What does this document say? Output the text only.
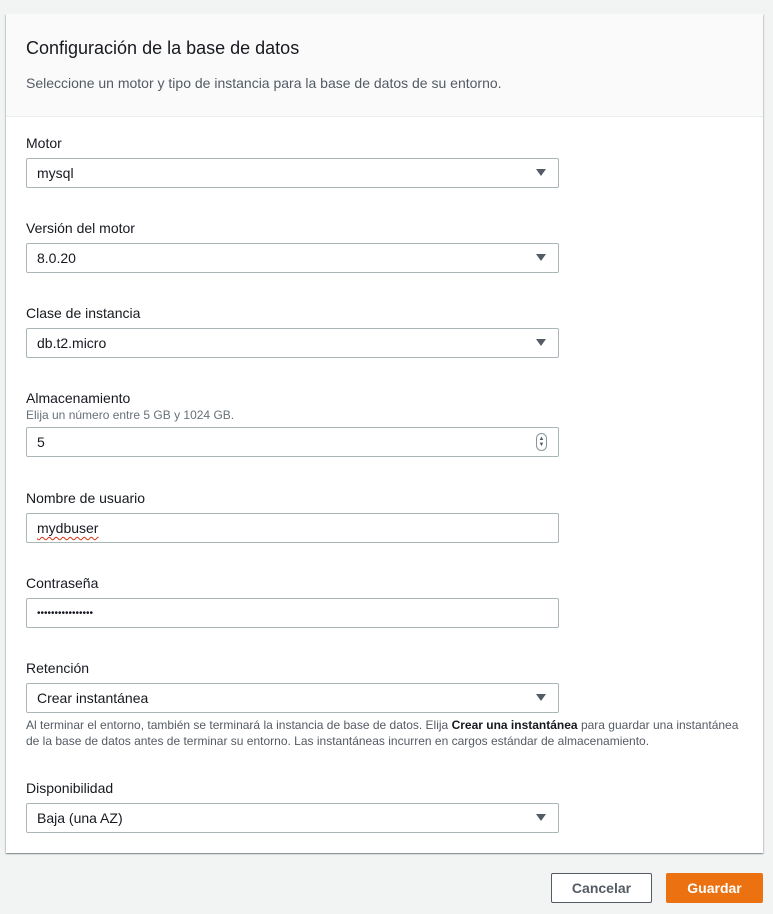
Configuración de la base de datos
Seleccione un motor y tipo de instancia para la base de datos de su entorno.
Motor
mysql
Versión del motor
8.0.20
Clase de instancia
db.t2.micro
Almacenamiento
Elija un número entre 5 GB y 1024 GB.
5	▲
▼
Nombre de usuario
mydbuser
Contraseña
••••••••••••••••
Retención
Crear instantánea
Al terminar el entorno, también se terminará la instancia de base de datos. Elija Crear una instantánea para guardar una instantánea de la base de datos antes de terminar su entorno. Las instantáneas incurren en cargos estándar de almacenamiento.
Disponibilidad
Baja (una AZ)
Cancelar	Guardar
